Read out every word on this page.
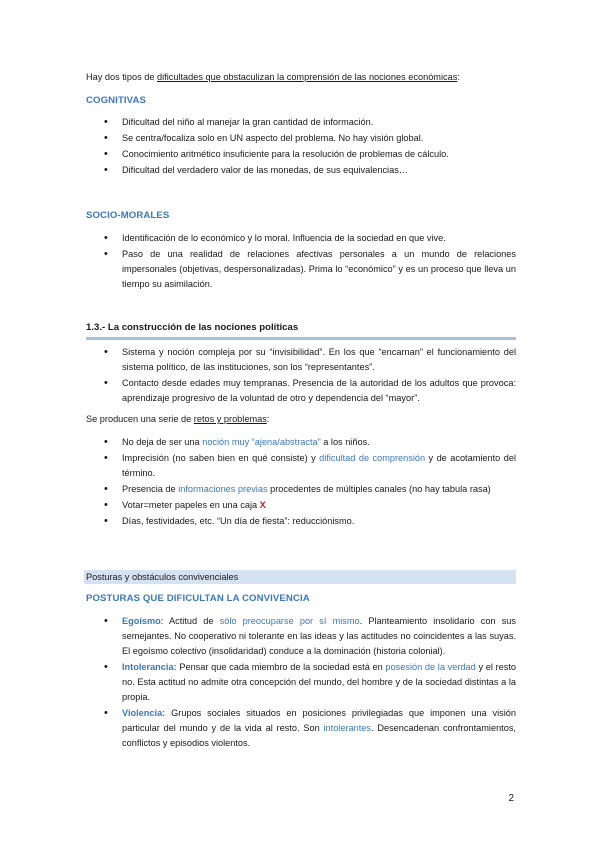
Hay dos tipos de dificultades que obstaculizan la comprensión de las nociones económicas:
COGNITIVAS
• Dificultad del niño al manejar la gran cantidad de información.
• Se centra/focaliza solo en UN aspecto del problema. No hay visión global.
• Conocimiento aritmético insuficiente para la resolución de problemas de cálculo.
• Dificultad del verdadero valor de las monedas, de sus equivalencias…
SOCIO-MORALES
• Identificación de lo económico y lo moral. Influencia de la sociedad en que vive.
• Paso de una realidad de relaciones afectivas personales a un mundo de relaciones impersonales (objetivas, despersonalizadas). Prima lo “económico” y es un proceso que lleva un tiempo su asimilación.
1.3.- La construcción de las nociones políticas
• Sistema y noción compleja por su “invisibilidad”. En los que “encarnan” el funcionamiento del sistema político, de las instituciones, son los “representantes”.
• Contacto desde edades muy tempranas. Presencia de la autoridad de los adultos que provoca: aprendizaje progresivo de la voluntad de otro y dependencia del “mayor”.
Se producen una serie de retos y problemas:
• No deja de ser una noción muy “ajena/abstracta” a los niños.
• Imprecisión (no saben bien en qué consiste) y dificultad de comprensión y de acotamiento del término.
• Presencia de informaciones previas procedentes de múltiples canales (no hay tabula rasa)
• Votar=meter papeles en una caja X
• Días, festividades, etc. “Un día de fiesta”: reducciónismo.
Posturas y obstáculos convivenciales
POSTURAS QUE DIFICULTAN LA CONVIVENCIA
• Egoísmo: Actitud de sólo preocuparse por sí mismo. Planteamiento insolidario con sus semejantes. No cooperativo ni tolerante en las ideas y las actitudes no coincidentes a las suyas. El egoísmo colectivo (insolidaridad) conduce a la dominación (historia colonial).
• Intolerancia: Pensar que cada miembro de la sociedad está en posesión de la verdad y el resto no. Esta actitud no admite otra concepción del mundo, del hombre y de la sociedad distintas a la propia.
• Violencia: Grupos sociales situados en posiciones privilegiadas que imponen una visión particular del mundo y de la vida al resto. Son intolerantes. Desencadenan confrontamientos, conflictos y episodios violentos.
2
